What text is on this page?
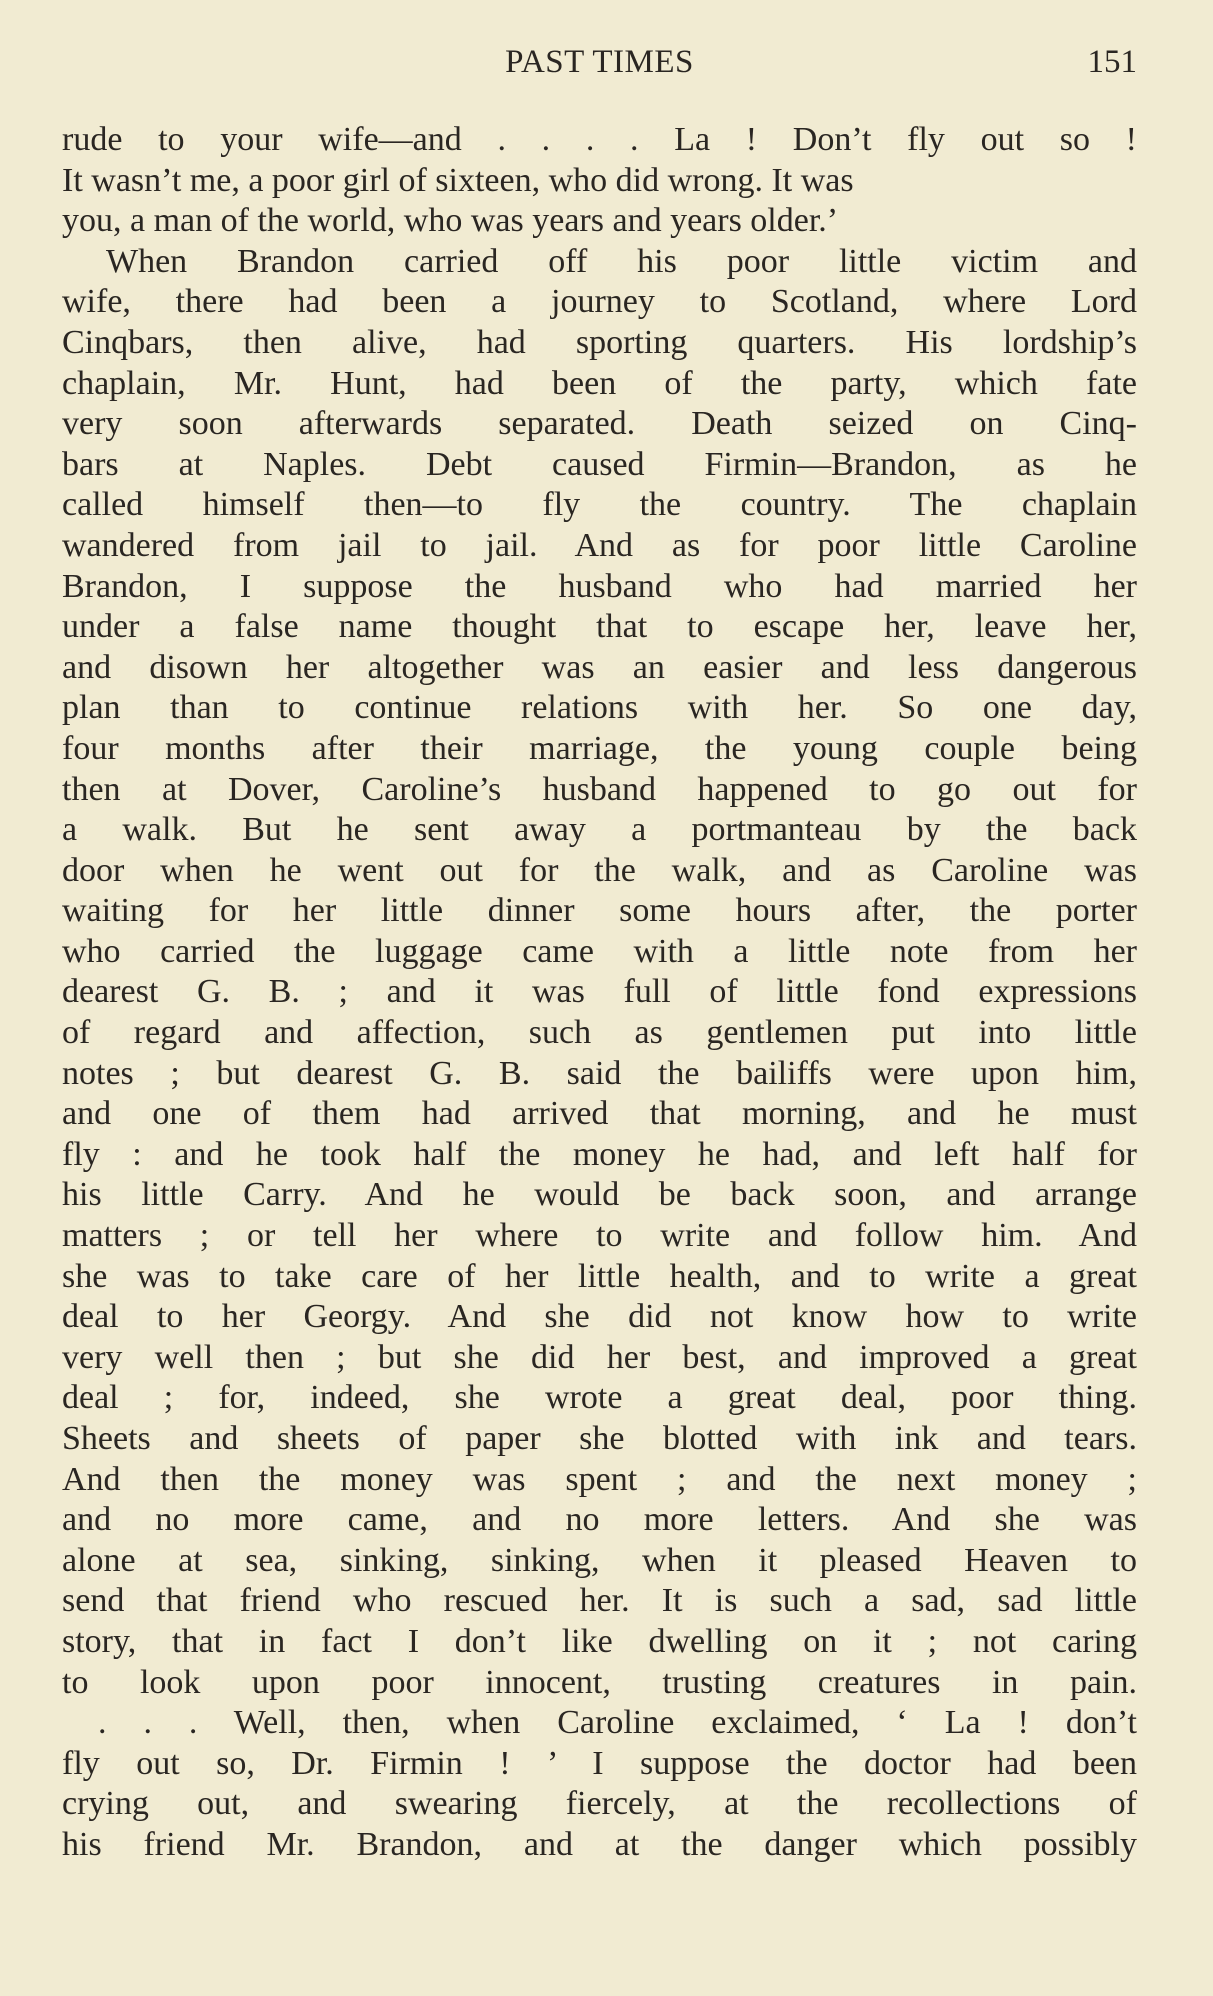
PAST TIMES	151
rude to your wife—and . . . . La ! Don’t fly out so !
It wasn’t me, a poor girl of sixteen, who did wrong. It was
you, a man of the world, who was years and years older.’
When Brandon carried off his poor little victim and
wife, there had been a journey to Scotland, where Lord
Cinqbars, then alive, had sporting quarters. His lordship’s
chaplain, Mr. Hunt, had been of the party, which fate
very soon afterwards separated. Death seized on Cinq-
bars at Naples. Debt caused Firmin—Brandon, as he
called himself then—to fly the country. The chaplain
wandered from jail to jail. And as for poor little Caroline
Brandon, I suppose the husband who had married her
under a false name thought that to escape her, leave her,
and disown her altogether was an easier and less dangerous
plan than to continue relations with her. So one day,
four months after their marriage, the young couple being
then at Dover, Caroline’s husband happened to go out for
a walk. But he sent away a portmanteau by the back
door when he went out for the walk, and as Caroline was
waiting for her little dinner some hours after, the porter
who carried the luggage came with a little note from her
dearest G. B. ; and it was full of little fond expressions
of regard and affection, such as gentlemen put into little
notes ; but dearest G. B. said the bailiffs were upon him,
and one of them had arrived that morning, and he must
fly : and he took half the money he had, and left half for
his little Carry. And he would be back soon, and arrange
matters ; or tell her where to write and follow him. And
she was to take care of her little health, and to write a great
deal to her Georgy. And she did not know how to write
very well then ; but she did her best, and improved a great
deal ; for, indeed, she wrote a great deal, poor thing.
Sheets and sheets of paper she blotted with ink and tears.
And then the money was spent ; and the next money ;
and no more came, and no more letters. And she was
alone at sea, sinking, sinking, when it pleased Heaven to
send that friend who rescued her. It is such a sad, sad little
story, that in fact I don’t like dwelling on it ; not caring
to look upon poor innocent, trusting creatures in pain.
. . . Well, then, when Caroline exclaimed, ‘ La ! don’t
fly out so, Dr. Firmin ! ’ I suppose the doctor had been
crying out, and swearing fiercely, at the recollections of
his friend Mr. Brandon, and at the danger which possibly
